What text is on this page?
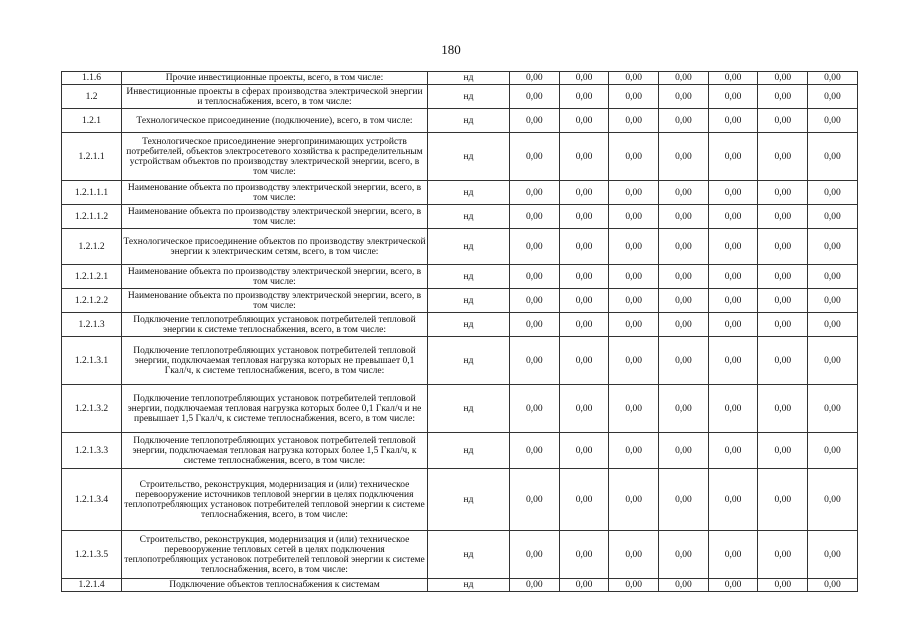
180
1.1.6	Прочие инвестиционные проекты, всего, в том числе:	нд	0,00	0,00	0,00	0,00	0,00	0,00	0,00
1.2	Инвестиционные проекты в сферах производства электрической энергии и теплоснабжения, всего, в том числе:	нд	0,00	0,00	0,00	0,00	0,00	0,00	0,00
1.2.1	Технологическое присоединение (подключение), всего, в том числе:	нд	0,00	0,00	0,00	0,00	0,00	0,00	0,00
1.2.1.1	Технологическое присоединение энергопринимающих устройств потребителей, объектов электросетевого хозяйства к распределительным устройствам объектов по производству электрической энергии, всего, в том числе:	нд	0,00	0,00	0,00	0,00	0,00	0,00	0,00
1.2.1.1.1	Наименование объекта по производству электрической энергии, всего, в том числе:	нд	0,00	0,00	0,00	0,00	0,00	0,00	0,00
1.2.1.1.2	Наименование объекта по производству электрической энергии, всего, в том числе:	нд	0,00	0,00	0,00	0,00	0,00	0,00	0,00
1.2.1.2	Технологическое присоединение объектов по производству электрической энергии к электрическим сетям, всего, в том числе:	нд	0,00	0,00	0,00	0,00	0,00	0,00	0,00
1.2.1.2.1	Наименование объекта по производству электрической энергии, всего, в том числе:	нд	0,00	0,00	0,00	0,00	0,00	0,00	0,00
1.2.1.2.2	Наименование объекта по производству электрической энергии, всего, в том числе:	нд	0,00	0,00	0,00	0,00	0,00	0,00	0,00
1.2.1.3	Подключение теплопотребляющих установок потребителей тепловой энергии к системе теплоснабжения, всего, в том числе:	нд	0,00	0,00	0,00	0,00	0,00	0,00	0,00
1.2.1.3.1	Подключение теплопотребляющих установок потребителей тепловой энергии, подключаемая тепловая нагрузка которых не превышает 0,1 Гкал/ч, к системе теплоснабжения, всего, в том числе:	нд	0,00	0,00	0,00	0,00	0,00	0,00	0,00
1.2.1.3.2	Подключение теплопотребляющих установок потребителей тепловой энергии, подключаемая тепловая нагрузка которых более 0,1 Гкал/ч и не превышает 1,5 Гкал/ч, к системе теплоснабжения, всего, в том числе:	нд	0,00	0,00	0,00	0,00	0,00	0,00	0,00
1.2.1.3.3	Подключение теплопотребляющих установок потребителей тепловой энергии, подключаемая тепловая нагрузка которых более 1,5 Гкал/ч, к системе теплоснабжения, всего, в том числе:	нд	0,00	0,00	0,00	0,00	0,00	0,00	0,00
1.2.1.3.4	Строительство, реконструкция, модернизация и (или) техническое перевооружение источников тепловой энергии в целях подключения теплопотребляющих установок потребителей тепловой энергии к системе теплоснабжения, всего, в том числе:	нд	0,00	0,00	0,00	0,00	0,00	0,00	0,00
1.2.1.3.5	Строительство, реконструкция, модернизация и (или) техническое перевооружение тепловых сетей в целях подключения теплопотребляющих установок потребителей тепловой энергии к системе теплоснабжения, всего, в том числе:	нд	0,00	0,00	0,00	0,00	0,00	0,00	0,00
1.2.1.4	Подключение объектов теплоснабжения к системам	нд	0,00	0,00	0,00	0,00	0,00	0,00	0,00
